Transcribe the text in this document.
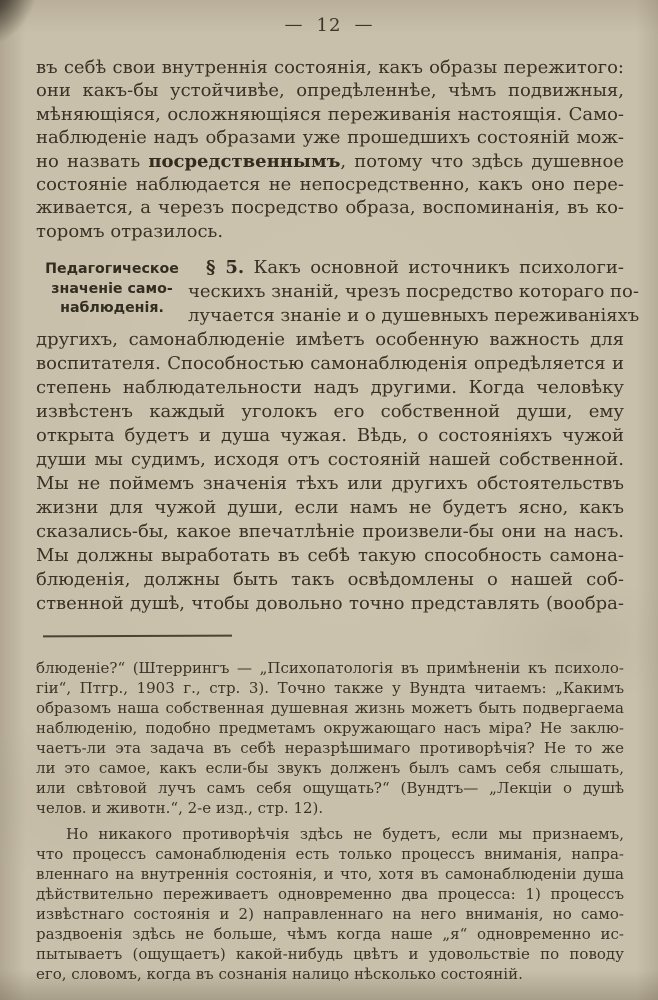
— 12 —
въ себѣ свои внутреннія состоянія, какъ образы пережитого:
они какъ-бы устойчивѣе, опредѣленнѣе, чѣмъ подвижныя,
мѣняющіяся, осложняющіяся переживанія настоящія. Само-
наблюденіе надъ образами уже прошедшихъ состояній мож-
но назвать посредственнымъ, потому что здѣсь душевное
состояніе наблюдается не непосредственно, какъ оно пере-
живается, а черезъ посредство образа, воспоминанія, въ ко-
торомъ отразилось.
Педагогическое
значеніе само-
наблюденія.
§ 5. Какъ основной источникъ психологи-
ческихъ знаній, чрезъ посредство котораго по-
лучается знаніе и о душевныхъ переживаніяхъ
другихъ, самонаблюденіе имѣетъ особенную важность для
воспитателя. Способностью самонаблюденія опредѣляется и
степень наблюдательности надъ другими. Когда человѣку
извѣстенъ каждый уголокъ его собственной души, ему
открыта будетъ и душа чужая. Вѣдь, о состояніяхъ чужой
души мы судимъ, исходя отъ состояній нашей собственной.
Мы не поймемъ значенія тѣхъ или другихъ обстоятельствъ
жизни для чужой души, если намъ не будетъ ясно, какъ
сказались-бы, какое впечатлѣніе произвели-бы они на насъ.
Мы должны выработать въ себѣ такую способность самона-
блюденія, должны быть такъ освѣдомлены о нашей соб-
ственной душѣ, чтобы довольно точно представлять (вообра-
блюденіе?“ (Штеррингъ — „Психопатологія въ примѣненіи къ психоло-
гіи“, Птгр., 1903 г., стр. 3). Точно также у Вундта читаемъ: „Какимъ
образомъ наша собственная душевная жизнь можетъ быть подвергаема
наблюденію, подобно предметамъ окружающаго насъ міра? Не заклю-
чаетъ-ли эта задача въ себѣ неразрѣшимаго противорѣчія? Не то же
ли это самое, какъ если-бы звукъ долженъ былъ самъ себя слышать,
или свѣтовой лучъ самъ себя ощущать?“ (Вундтъ— „Лекціи о душѣ
челов. и животн.“, 2-е изд., стр. 12).
Но никакого противорѣчія здѣсь не будетъ, если мы признаемъ,
что процессъ самонаблюденія есть только процессъ вниманія, напра-
вленнаго на внутреннія состоянія, и что, хотя въ самонаблюденіи душа
дѣйствительно переживаетъ одновременно два процесса: 1) процессъ
извѣстнаго состоянія и 2) направленнаго на него вниманія, но само-
раздвоенія здѣсь не больше, чѣмъ когда наше „я“ одновременно ис-
пытываетъ (ощущаетъ) какой-нибудь цвѣтъ и удовольствіе по поводу
его, словомъ, когда въ сознанія налицо нѣсколько состояній.
